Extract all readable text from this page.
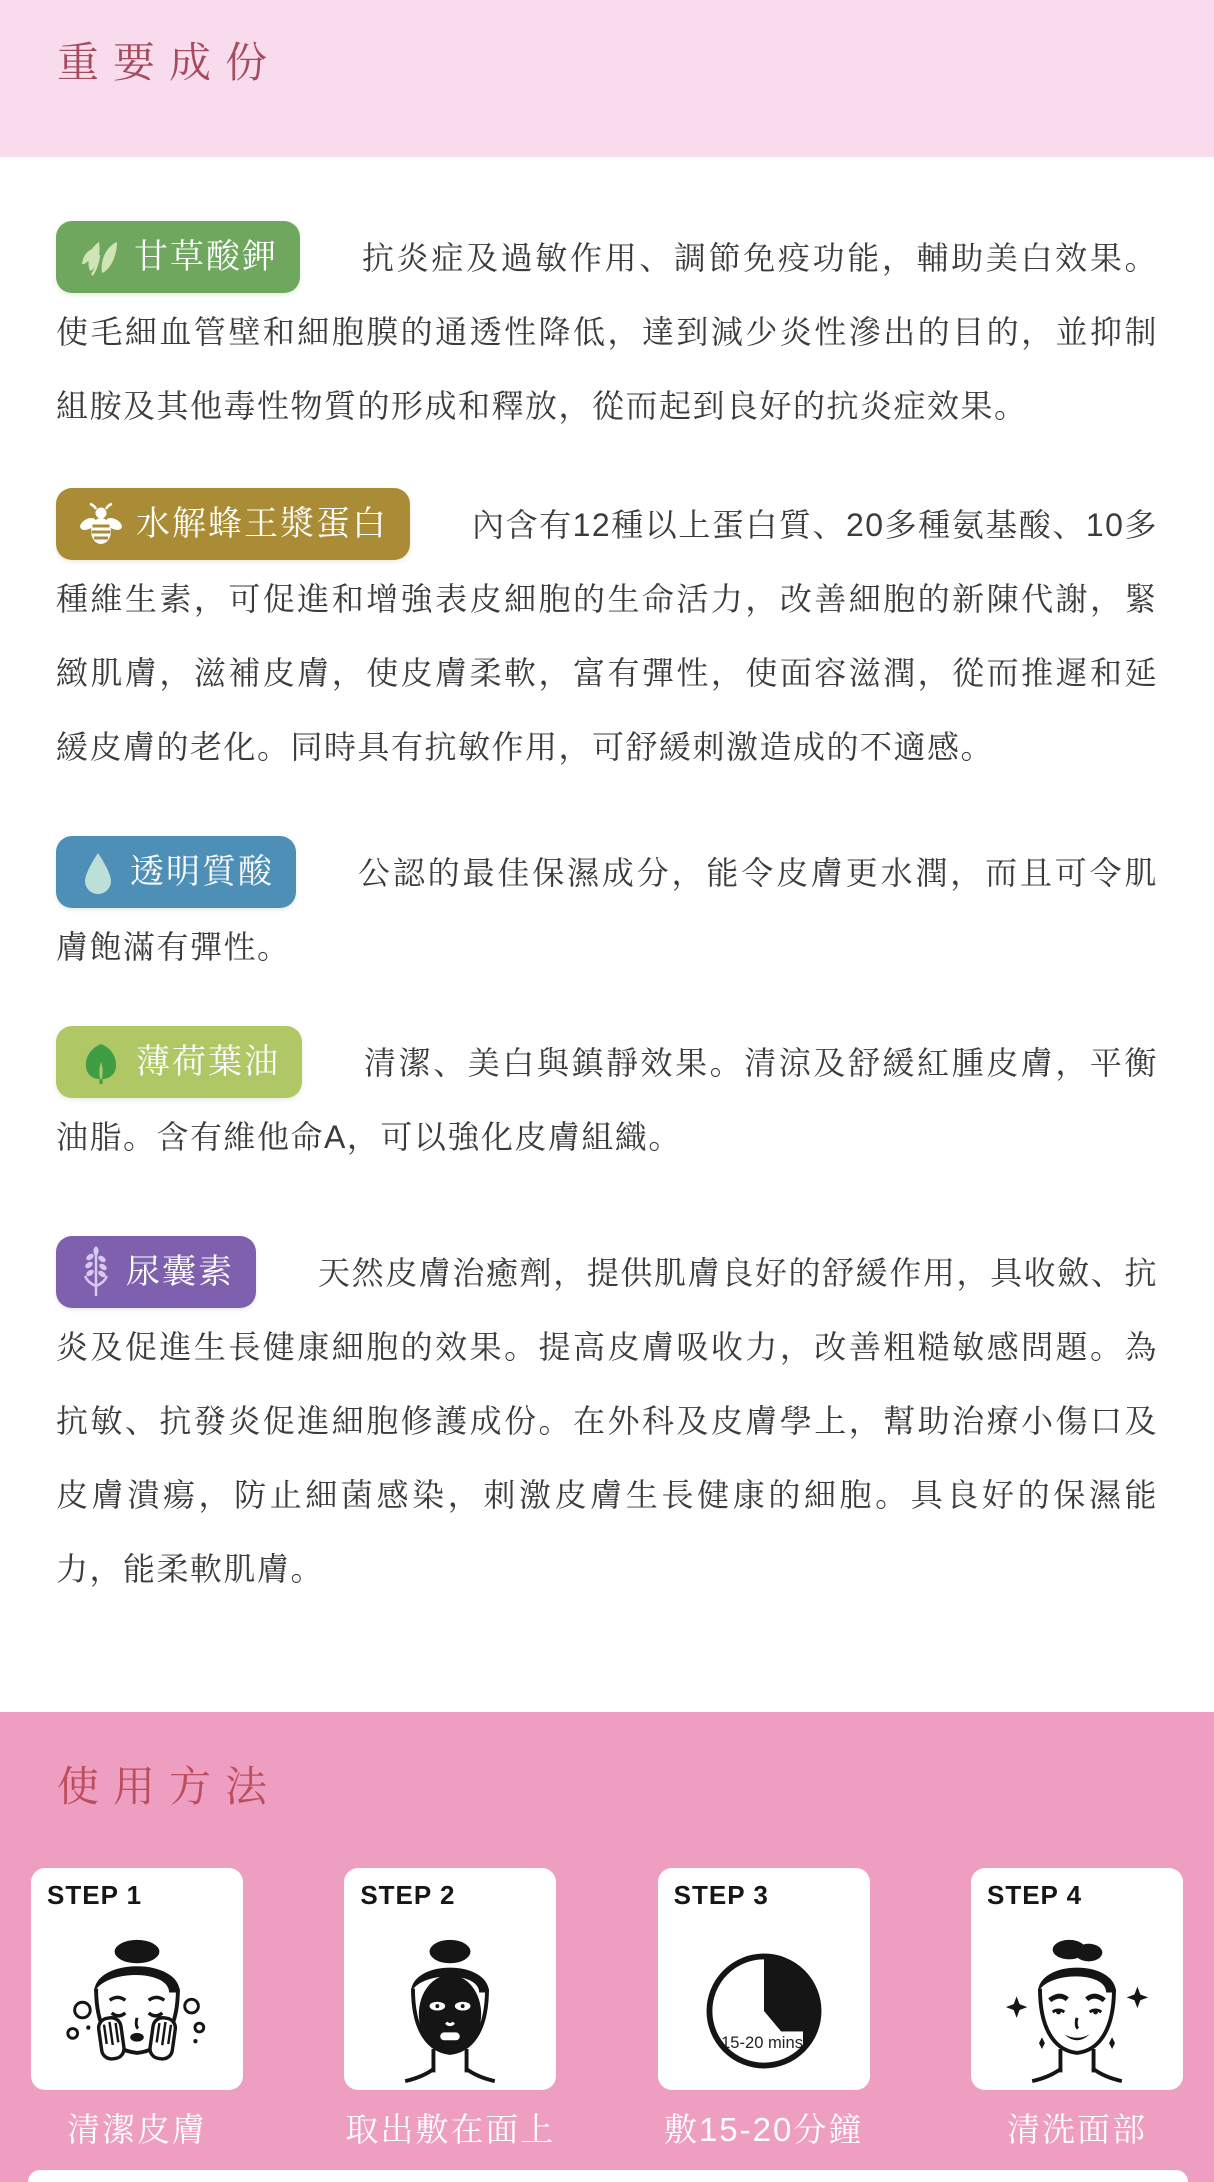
重要成份
甘草酸鉀	抗炎症及過敏作用、調節免疫功能，輔助美白效果。使毛細血管壁和細胞膜的通透性降低，達到減少炎性滲出的目的，並抑制組胺及其他毒性物質的形成和釋放，從而起到良好的抗炎症效果。
水解蜂王漿蛋白	內含有12種以上蛋白質、20多種氨基酸、10多種維生素，可促進和增強表皮細胞的生命活力，改善細胞的新陳代謝，緊緻肌膚，滋補皮膚，使皮膚柔軟，富有彈性，使面容滋潤，從而推遲和延緩皮膚的老化。同時具有抗敏作用，可舒緩刺激造成的不適感。
透明質酸	公認的最佳保濕成分，能令皮膚更水潤，而且可令肌膚飽滿有彈性。
薄荷葉油	清潔、美白與鎮靜效果。清涼及舒緩紅腫皮膚，平衡油脂。含有維他命A，可以強化皮膚組織。
尿囊素	天然皮膚治癒劑，提供肌膚良好的舒緩作用，具收斂、抗炎及促進生長健康細胞的效果。提高皮膚吸收力，改善粗糙敏感問題。為抗敏、抗發炎促進細胞修護成份。在外科及皮膚學上，幫助治療小傷口及皮膚潰瘍，防止細菌感染，刺激皮膚生長健康的細胞。具良好的保濕能力，能柔軟肌膚。
使用方法
STEP 1
清潔皮膚
STEP 2
取出敷在面上
STEP 3
15-20 mins
敷15-20分鐘
STEP 4
清洗面部
